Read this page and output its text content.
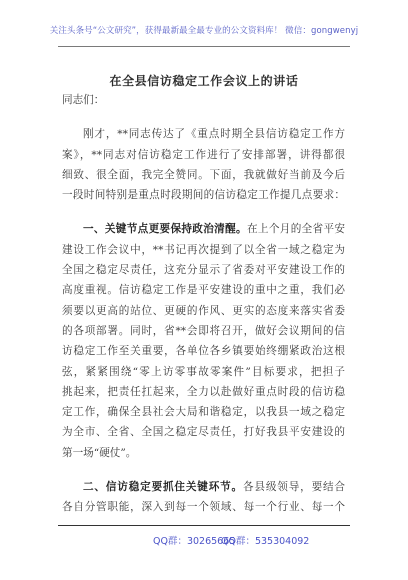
关注头条号“公文研究”，获得最新最全最专业的公文资料库！ 微信：gongwenyj
在全县信访稳定工作会议上的讲话
同志们：
刚才，**同志传达了《重点时期全县信访稳定工作方
案》，**同志对信访稳定工作进行了安排部署，讲得都很
细致、很全面，我完全赞同。下面，我就做好当前及今后
一段时间特别是重点时段期间的信访稳定工作提几点要求：
一、关键节点更要保持政治清醒。在上个月的全省平安
建设工作会议中，**书记再次提到了以全省一域之稳定为
全国之稳定尽责任，这充分显示了省委对平安建设工作的
高度重视。信访稳定工作是平安建设的重中之重，我们必
须要以更高的站位、更硬的作风、更实的态度来落实省委
的各项部署。同时，省**会即将召开，做好会议期间的信
访稳定工作至关重要，各单位各乡镇要始终绷紧政治这根
弦，紧紧围绕“零上访零事故零案件”目标要求，把担子
挑起来，把责任扛起来，全力以赴做好重点时段的信访稳
定工作，确保全县社会大局和谐稳定，以我县一域之稳定
为全市、全省、全国之稳定尽责任，打好我县平安建设的
第一场“硬仗”。
二、信访稳定要抓住关键环节。各县级领导，要结合
各自分管职能，深入到每一个领域、每一个行业、每一个
QQ群：30265665
QQ群：535304092
